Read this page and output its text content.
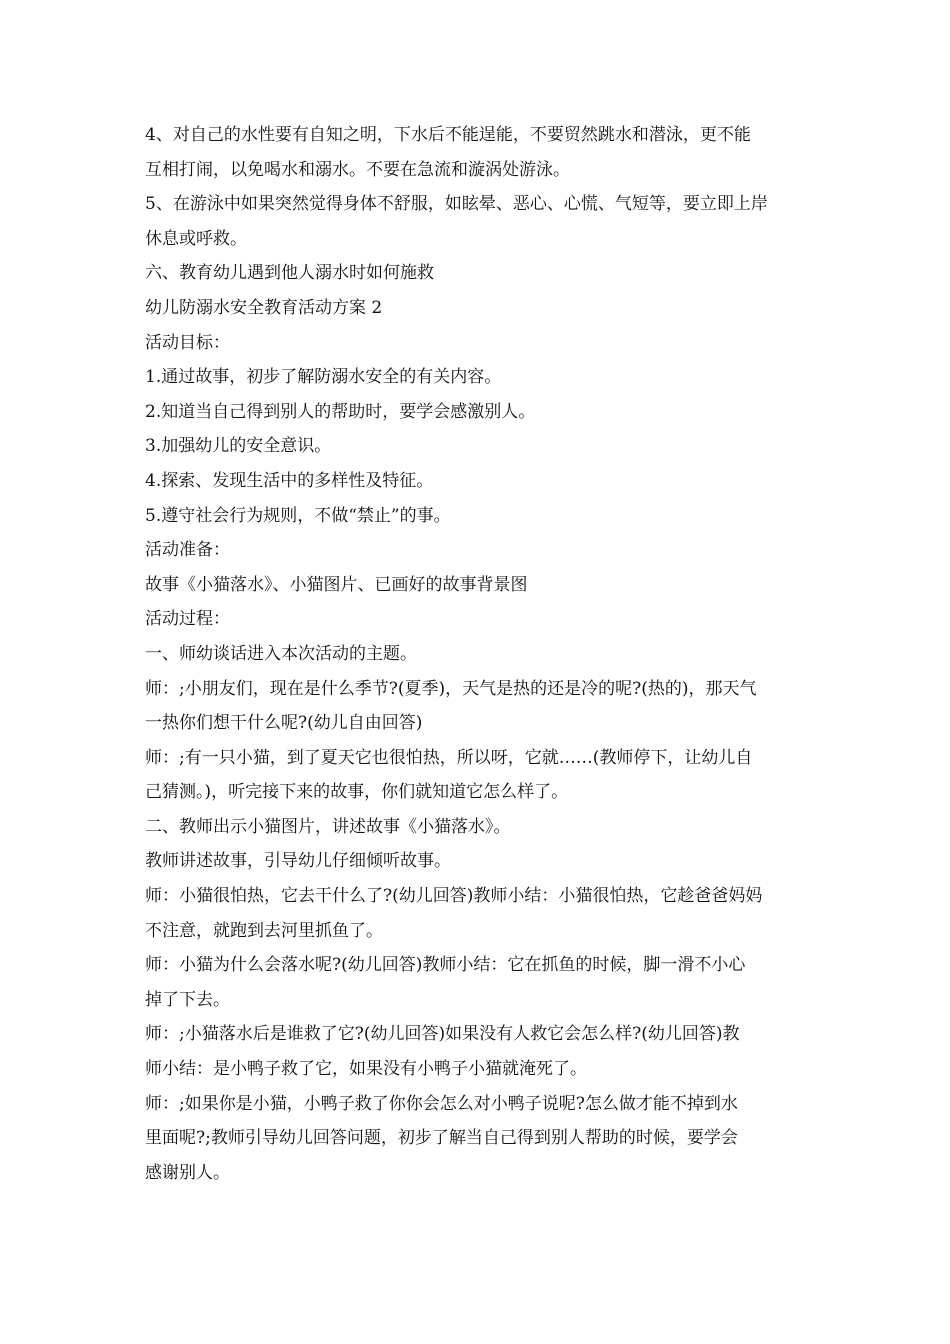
4、对自己的水性要有自知之明，下水后不能逞能，不要贸然跳水和潜泳，更不能

互相打闹，以免喝水和溺水。不要在急流和漩涡处游泳。

5、在游泳中如果突然觉得身体不舒服，如眩晕、恶心、心慌、气短等，要立即上岸

休息或呼救。

六、教育幼儿遇到他人溺水时如何施救

幼儿防溺水安全教育活动方案 2

活动目标：

1.通过故事，初步了解防溺水安全的有关内容。

2.知道当自己得到别人的帮助时，要学会感激别人。

3.加强幼儿的安全意识。

4.探索、发现生活中的多样性及特征。

5.遵守社会行为规则，不做“禁止”的事。

活动准备：

故事《小猫落水》、小猫图片、已画好的故事背景图

活动过程：

一、师幼谈话进入本次活动的主题。

师：;小朋友们，现在是什么季节?(夏季)，天气是热的还是冷的呢?(热的)，那天气

一热你们想干什么呢?(幼儿自由回答)

师：;有一只小猫，到了夏天它也很怕热，所以呀，它就……(教师停下，让幼儿自

己猜测。)，听完接下来的故事，你们就知道它怎么样了。

二、教师出示小猫图片，讲述故事《小猫落水》。

教师讲述故事，引导幼儿仔细倾听故事。

师：小猫很怕热，它去干什么了?(幼儿回答)教师小结：小猫很怕热，它趁爸爸妈妈

不注意，就跑到去河里抓鱼了。

师：小猫为什么会落水呢?(幼儿回答)教师小结：它在抓鱼的时候，脚一滑不小心

掉了下去。

师：;小猫落水后是谁救了它?(幼儿回答)如果没有人救它会怎么样?(幼儿回答)教

师小结：是小鸭子救了它，如果没有小鸭子小猫就淹死了。

师：;如果你是小猫，小鸭子救了你你会怎么对小鸭子说呢?怎么做才能不掉到水

里面呢?;教师引导幼儿回答问题，初步了解当自己得到别人帮助的时候，要学会

感谢别人。
